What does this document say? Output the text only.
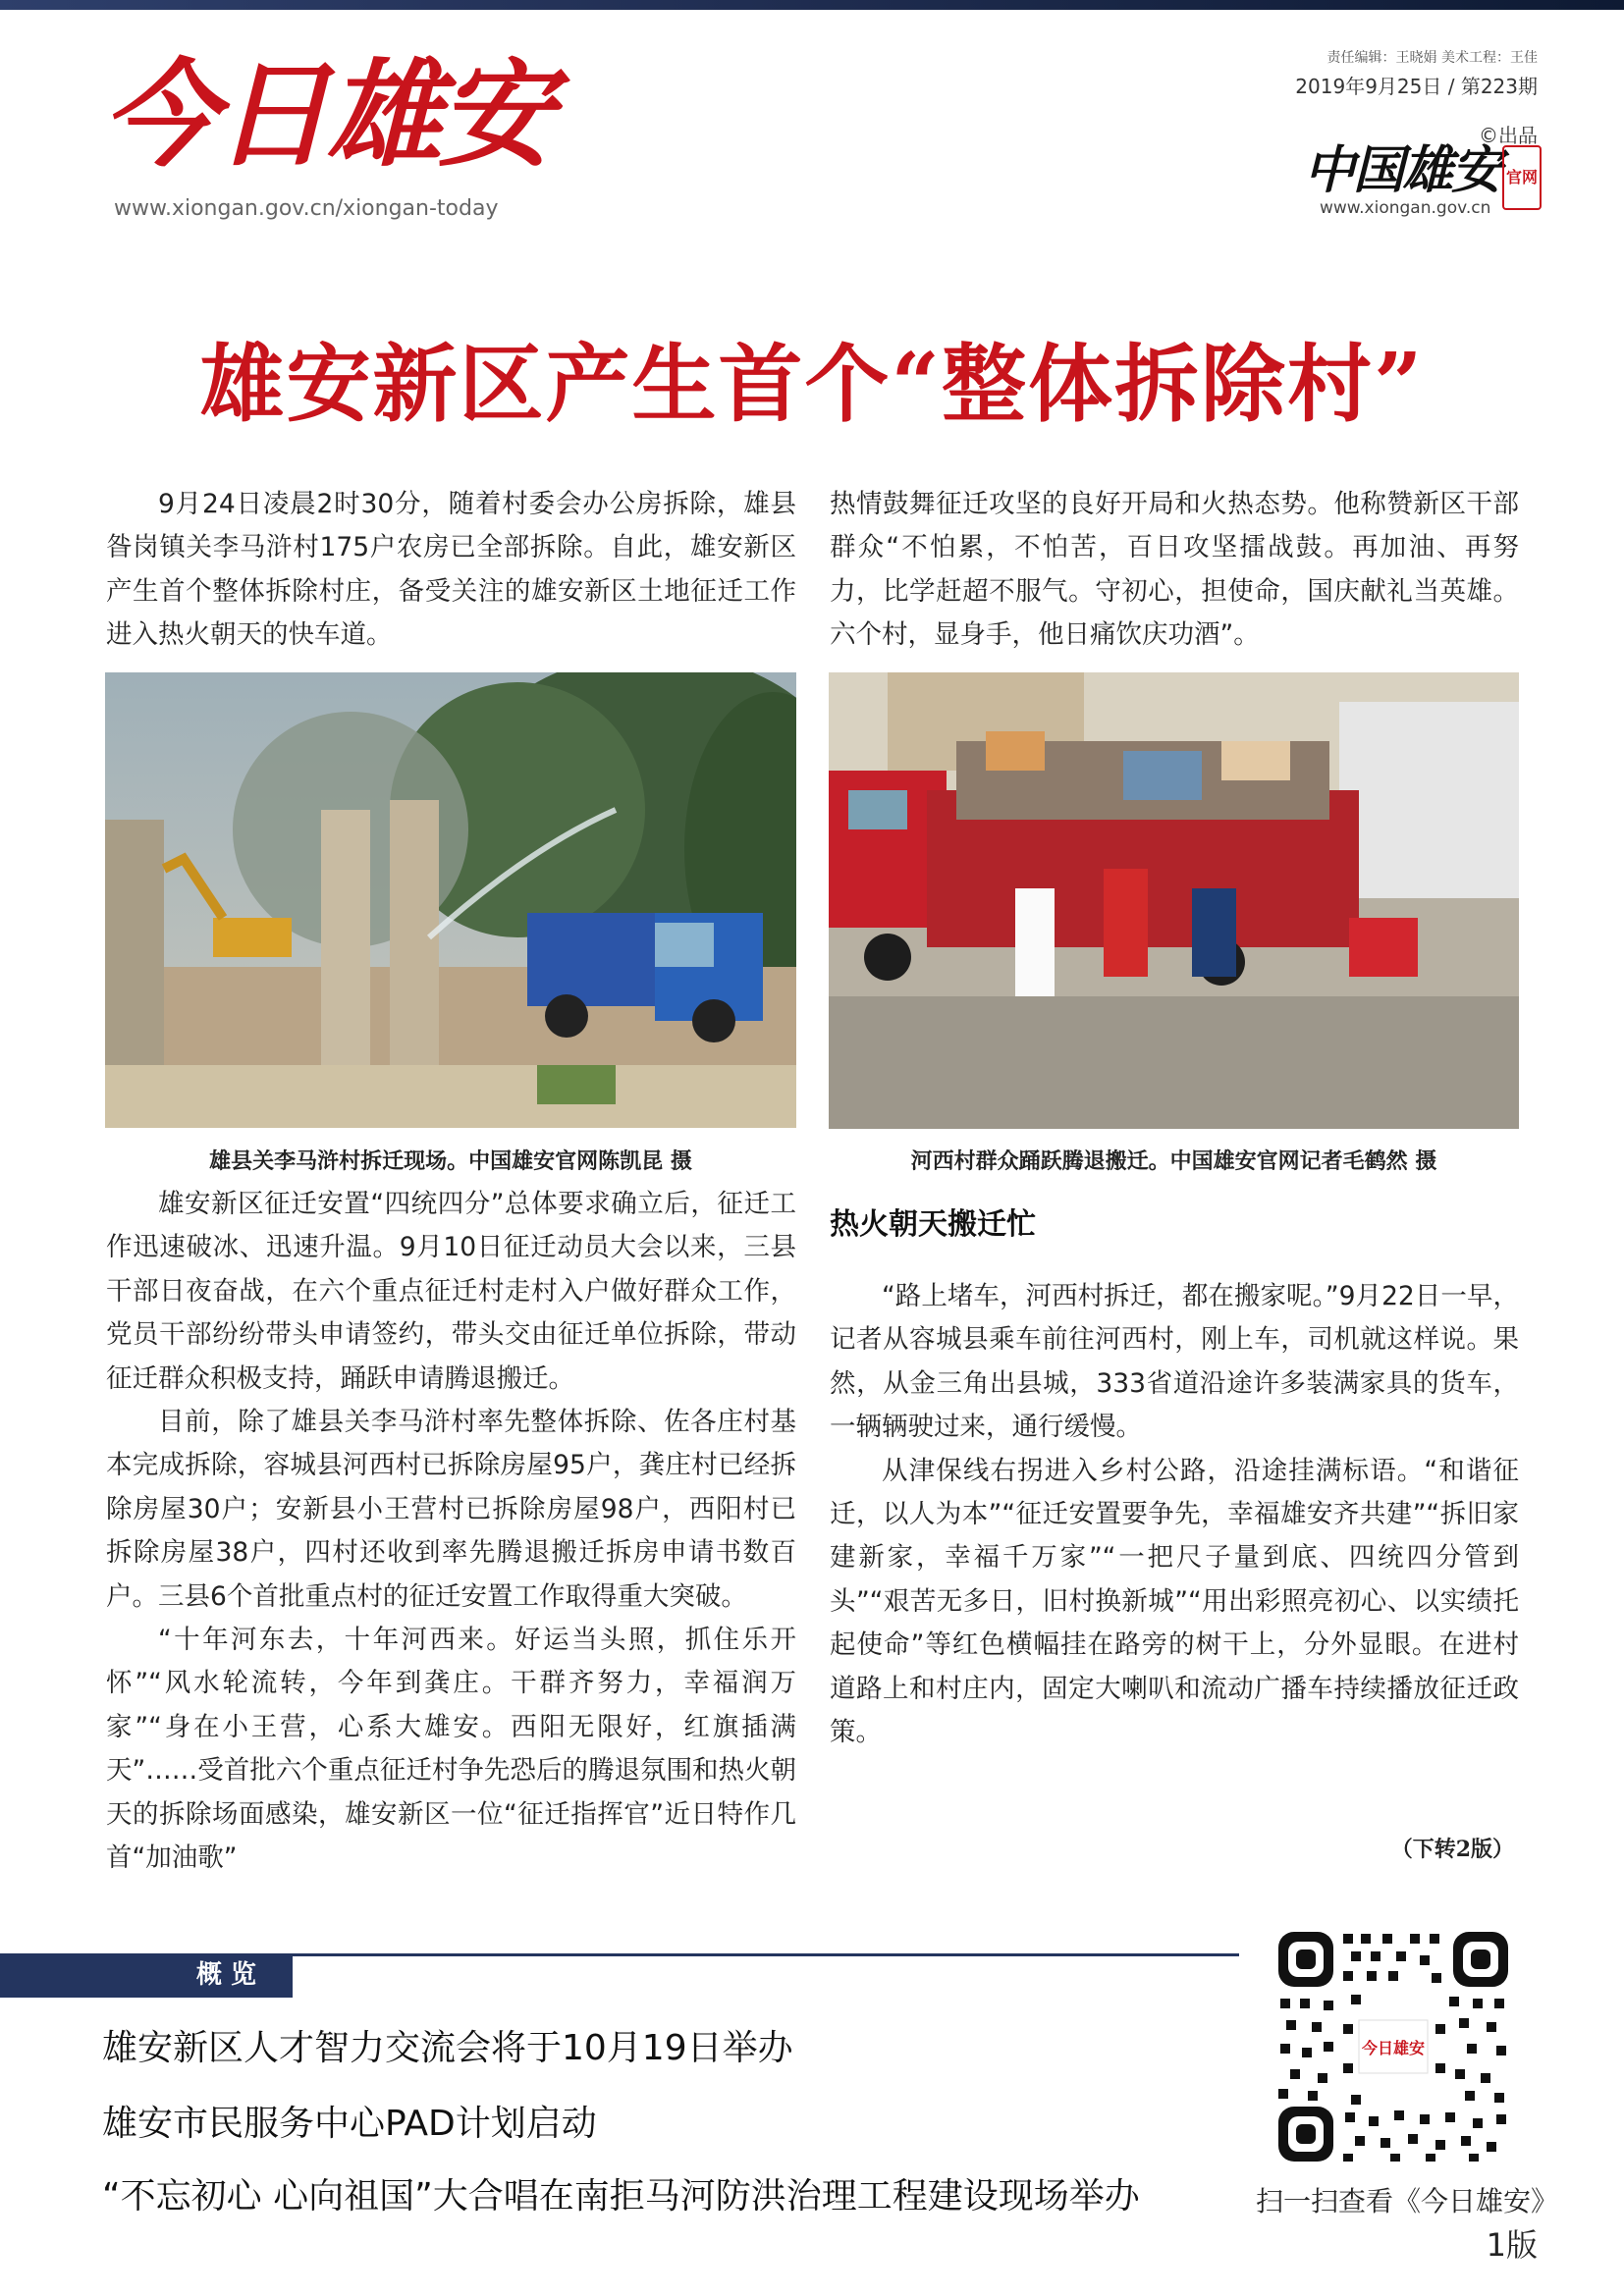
今日雄安
www.xiongan.gov.cn/xiongan-today
责任编辑：王晓娟 美术工程：王佳
2019年9月25日 / 第223期
©出品
中国雄安 官网
www.xiongan.gov.cn
雄安新区产生首个“整体拆除村”

9月24日凌晨2时30分，随着村委会办公房拆除，雄县昝岗镇关李马浒村175户农房已全部拆除。自此，雄安新区产生首个整体拆除村庄，备受关注的雄安新区土地征迁工作进入热火朝天的快车道。

雄县关李马浒村拆迁现场。中国雄安官网陈凯昆 摄

雄安新区征迁安置“四统四分”总体要求确立后，征迁工作迅速破冰、迅速升温。9月10日征迁动员大会以来，三县干部日夜奋战，在六个重点征迁村走村入户做好群众工作，党员干部纷纷带头申请签约，带头交由征迁单位拆除，带动征迁群众积极支持，踊跃申请腾退搬迁。

目前，除了雄县关李马浒村率先整体拆除、佐各庄村基本完成拆除，容城县河西村已拆除房屋95户，龚庄村已经拆除房屋30户；安新县小王营村已拆除房屋98户，西阳村已拆除房屋38户，四村还收到率先腾退搬迁拆房申请书数百户。三县6个首批重点村的征迁安置工作取得重大突破。

“十年河东去，十年河西来。好运当头照，抓住乐开怀”“风水轮流转，今年到龚庄。干群齐努力，幸福润万家”“身在小王营，心系大雄安。西阳无限好，红旗插满天”……受首批六个重点征迁村争先恐后的腾退氛围和热火朝天的拆除场面感染，雄安新区一位“征迁指挥官”近日特作几首“加油歌”

热情鼓舞征迁攻坚的良好开局和火热态势。他称赞新区干部群众“不怕累，不怕苦，百日攻坚擂战鼓。再加油、再努力，比学赶超不服气。守初心，担使命，国庆献礼当英雄。六个村，显身手，他日痛饮庆功酒”。

河西村群众踊跃腾退搬迁。中国雄安官网记者毛鹤然 摄
热火朝天搬迁忙

“路上堵车，河西村拆迁，都在搬家呢。”9月22日一早，记者从容城县乘车前往河西村，刚上车，司机就这样说。果然，从金三角出县城，333省道沿途许多装满家具的货车，一辆辆驶过来，通行缓慢。

从津保线右拐进入乡村公路，沿途挂满标语。“和谐征迁，以人为本”“征迁安置要争先，幸福雄安齐共建”“拆旧家建新家，幸福千万家”“一把尺子量到底、四统四分管到头”“艰苦无多日，旧村换新城”“用出彩照亮初心、以实绩托起使命”等红色横幅挂在路旁的树干上，分外显眼。在进村道路上和村庄内，固定大喇叭和流动广播车持续播放征迁政策。

（下转2版）
概 览
雄安新区人才智力交流会将于10月19日举办
雄安市民服务中心PAD计划启动
“不忘初心 心向祖国”大合唱在南拒马河防洪治理工程建设现场举办
今日雄安
扫一扫查看《今日雄安》
1版
